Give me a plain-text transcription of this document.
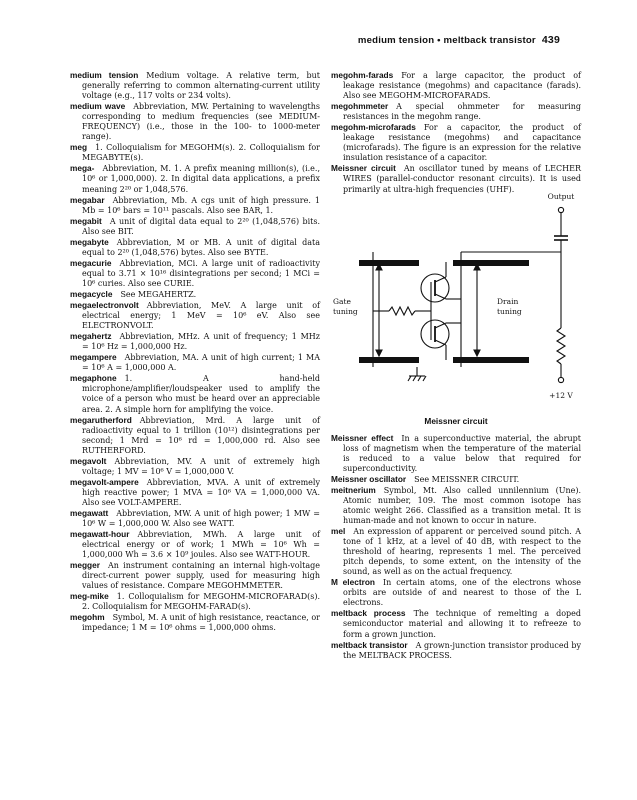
medium tension • meltback transistor 439

medium tension  Medium voltage. A relative term, but generally referring to common alternating-current utility voltage (e.g., 117 volts or 234 volts).

medium wave  Abbreviation, MW. Pertaining to wavelengths corresponding to medium frequencies (see MEDIUM-FREQUENCY) (i.e., those in the 100- to 1000-meter range).

meg  1. Colloquialism for MEGOHM(s). 2. Colloquialism for MEGABYTE(s).

mega-  Abbreviation, M. 1. A prefix meaning million(s), (i.e., 10⁶ or 1,000,000). 2. In digital data applications, a prefix meaning 2²⁰ or 1,048,576.

megabar  Abbreviation, Mb. A cgs unit of high pressure. 1 Mb = 10⁶ bars = 10¹¹ pascals. Also see BAR, 1.

megabit  A unit of digital data equal to 2²⁰ (1,048,576) bits. Also see BIT.

megabyte  Abbreviation, M or MB. A unit of digital data equal to 2²⁰ (1,048,576) bytes. Also see BYTE.

megacurie  Abbreviation, MCi. A large unit of radioactivity equal to 3.71 × 10¹⁶ disintegrations per second; 1 MCi = 10⁶ curies. Also see CURIE.

megacycle  See MEGAHERTZ.

megaelectronvolt  Abbreviation, MeV. A large unit of electrical energy; 1 MeV = 10⁶ eV. Also see ELECTRONVOLT.

megahertz  Abbreviation, MHz. A unit of frequency; 1 MHz = 10⁶ Hz = 1,000,000 Hz.

megampere  Abbreviation, MA. A unit of high current; 1 MA = 10⁶ A = 1,000,000 A.

megaphone  1. A hand-held microphone/amplifier/loudspeaker used to amplify the voice of a person who must be heard over an appreciable area. 2. A simple horn for amplifying the voice.

megarutherford  Abbreviation, Mrd. A large unit of radioactivity equal to 1 trillion (10¹²) disintegrations per second; 1 Mrd = 10⁶ rd = 1,000,000 rd. Also see RUTHERFORD.

megavolt  Abbreviation, MV. A unit of extremely high voltage; 1 MV = 10⁶ V = 1,000,000 V.

megavolt-ampere  Abbreviation, MVA. A unit of extremely high reactive power; 1 MVA = 10⁶ VA = 1,000,000 VA. Also see VOLT-AMPERE.

megawatt  Abbreviation, MW. A unit of high power; 1 MW = 10⁶ W = 1,000,000 W. Also see WATT.

megawatt-hour  Abbreviation, MWh. A large unit of electrical energy or of work; 1 MWh = 10⁶ Wh = 1,000,000 Wh = 3.6 × 10⁹ joules. Also see WATT-HOUR.

megger  An instrument containing an internal high-voltage direct-current power supply, used for measuring high values of resistance. Compare MEGOHMMETER.

meg-mike  1. Colloquialism for MEGOHM-MICROFARAD(s). 2. Colloquialism for MEGOHM-FARAD(s).

megohm  Symbol, M. A unit of high resistance, reactance, or impedance; 1 M = 10⁶ ohms = 1,000,000 ohms.

megohm-farads  For a large capacitor, the product of leakage resistance (megohms) and capacitance (farads). Also see MEGOHM-MICROFARADS.

megohmmeter  A special ohmmeter for measuring resistances in the megohm range.

megohm-microfarads  For a capacitor, the product of leakage resistance (megohms) and capacitance (microfarads). The figure is an expression for the relative insulation resistance of a capacitor.

Meissner circuit  An oscillator tuned by means of LECHER WIRES (parallel-conductor resonant circuits). It is used primarily at ultra-high frequencies (UHF).

Output
Gate
tuning
Drain
tuning
+12 V
Meissner circuit

Meissner effect  In a superconductive material, the abrupt loss of magnetism when the temperature of the material is reduced to a value below that required for superconductivity.

Meissner oscillator  See MEISSNER CIRCUIT.

meitnerium  Symbol, Mt. Also called unnilennium (Une). Atomic number, 109. The most common isotope has atomic weight 266. Classified as a transition metal. It is human-made and not known to occur in nature.

mel  An expression of apparent or perceived sound pitch. A tone of 1 kHz, at a level of 40 dB, with respect to the threshold of hearing, represents 1 mel. The perceived pitch depends, to some extent, on the intensity of the sound, as well as on the actual frequency.

M electron  In certain atoms, one of the electrons whose orbits are outside of and nearest to those of the L electrons.

meltback process  The technique of remelting a doped semiconductor material and allowing it to refreeze to form a grown junction.

meltback transistor  A grown-junction transistor produced by the MELTBACK PROCESS.
